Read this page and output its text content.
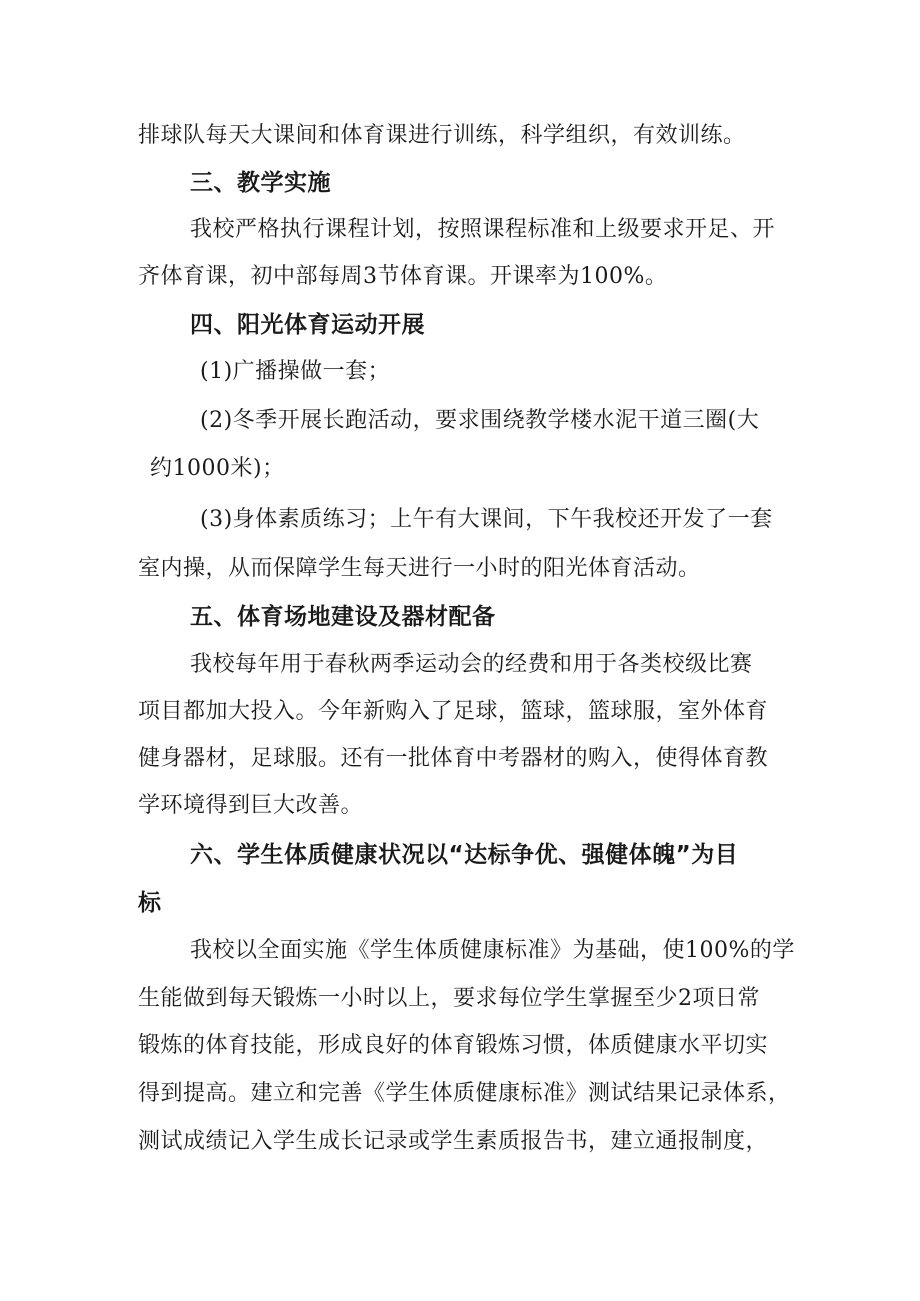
排球队每天大课间和体育课进行训练，科学组织，有效训练。
三、教学实施
我校严格执行课程计划，按照课程标准和上级要求开足、开
齐体育课，初中部每周3节体育课。开课率为100%。
四、阳光体育运动开展
(1)广播操做一套；
(2)冬季开展长跑活动，要求围绕教学楼水泥干道三圈(大
约1000米)；
(3)身体素质练习；上午有大课间，下午我校还开发了一套
室内操，从而保障学生每天进行一小时的阳光体育活动。
五、体育场地建设及器材配备
我校每年用于春秋两季运动会的经费和用于各类校级比赛
项目都加大投入。今年新购入了足球，篮球，篮球服，室外体育
健身器材，足球服。还有一批体育中考器材的购入，使得体育教
学环境得到巨大改善。
六、学生体质健康状况以“达标争优、强健体魄”为目
标
我校以全面实施《学生体质健康标准》为基础，使100%的学
生能做到每天锻炼一小时以上，要求每位学生掌握至少2项日常
锻炼的体育技能，形成良好的体育锻炼习惯，体质健康水平切实
得到提高。建立和完善《学生体质健康标准》测试结果记录体系，
测试成绩记入学生成长记录或学生素质报告书，建立通报制度，
